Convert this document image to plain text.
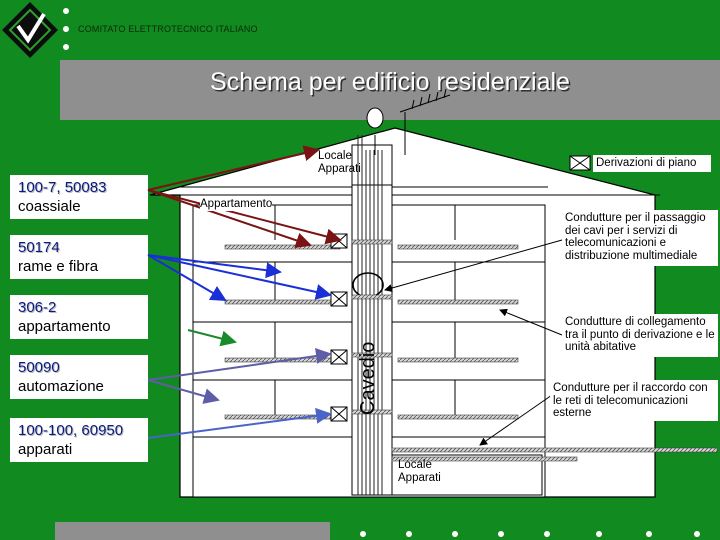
COMITATO ELETTROTECNICO ITALIANO
Schema per edificio residenziale
100-7, 50083
coassiale
50174
rame e fibra
306-2
appartamento
50090
automazione
100-100, 60950
apparati
Locale
Apparati
Appartamento
Cavedio
Locale
Apparati
Derivazioni di piano
Condutture per il passaggio dei cavi per i servizi di telecomunicazioni e distribuzione multimediale
Condutture di collegamento tra il punto di derivazione e le unità abitative
Condutture per il raccordo con le reti di telecomunicazioni esterne
